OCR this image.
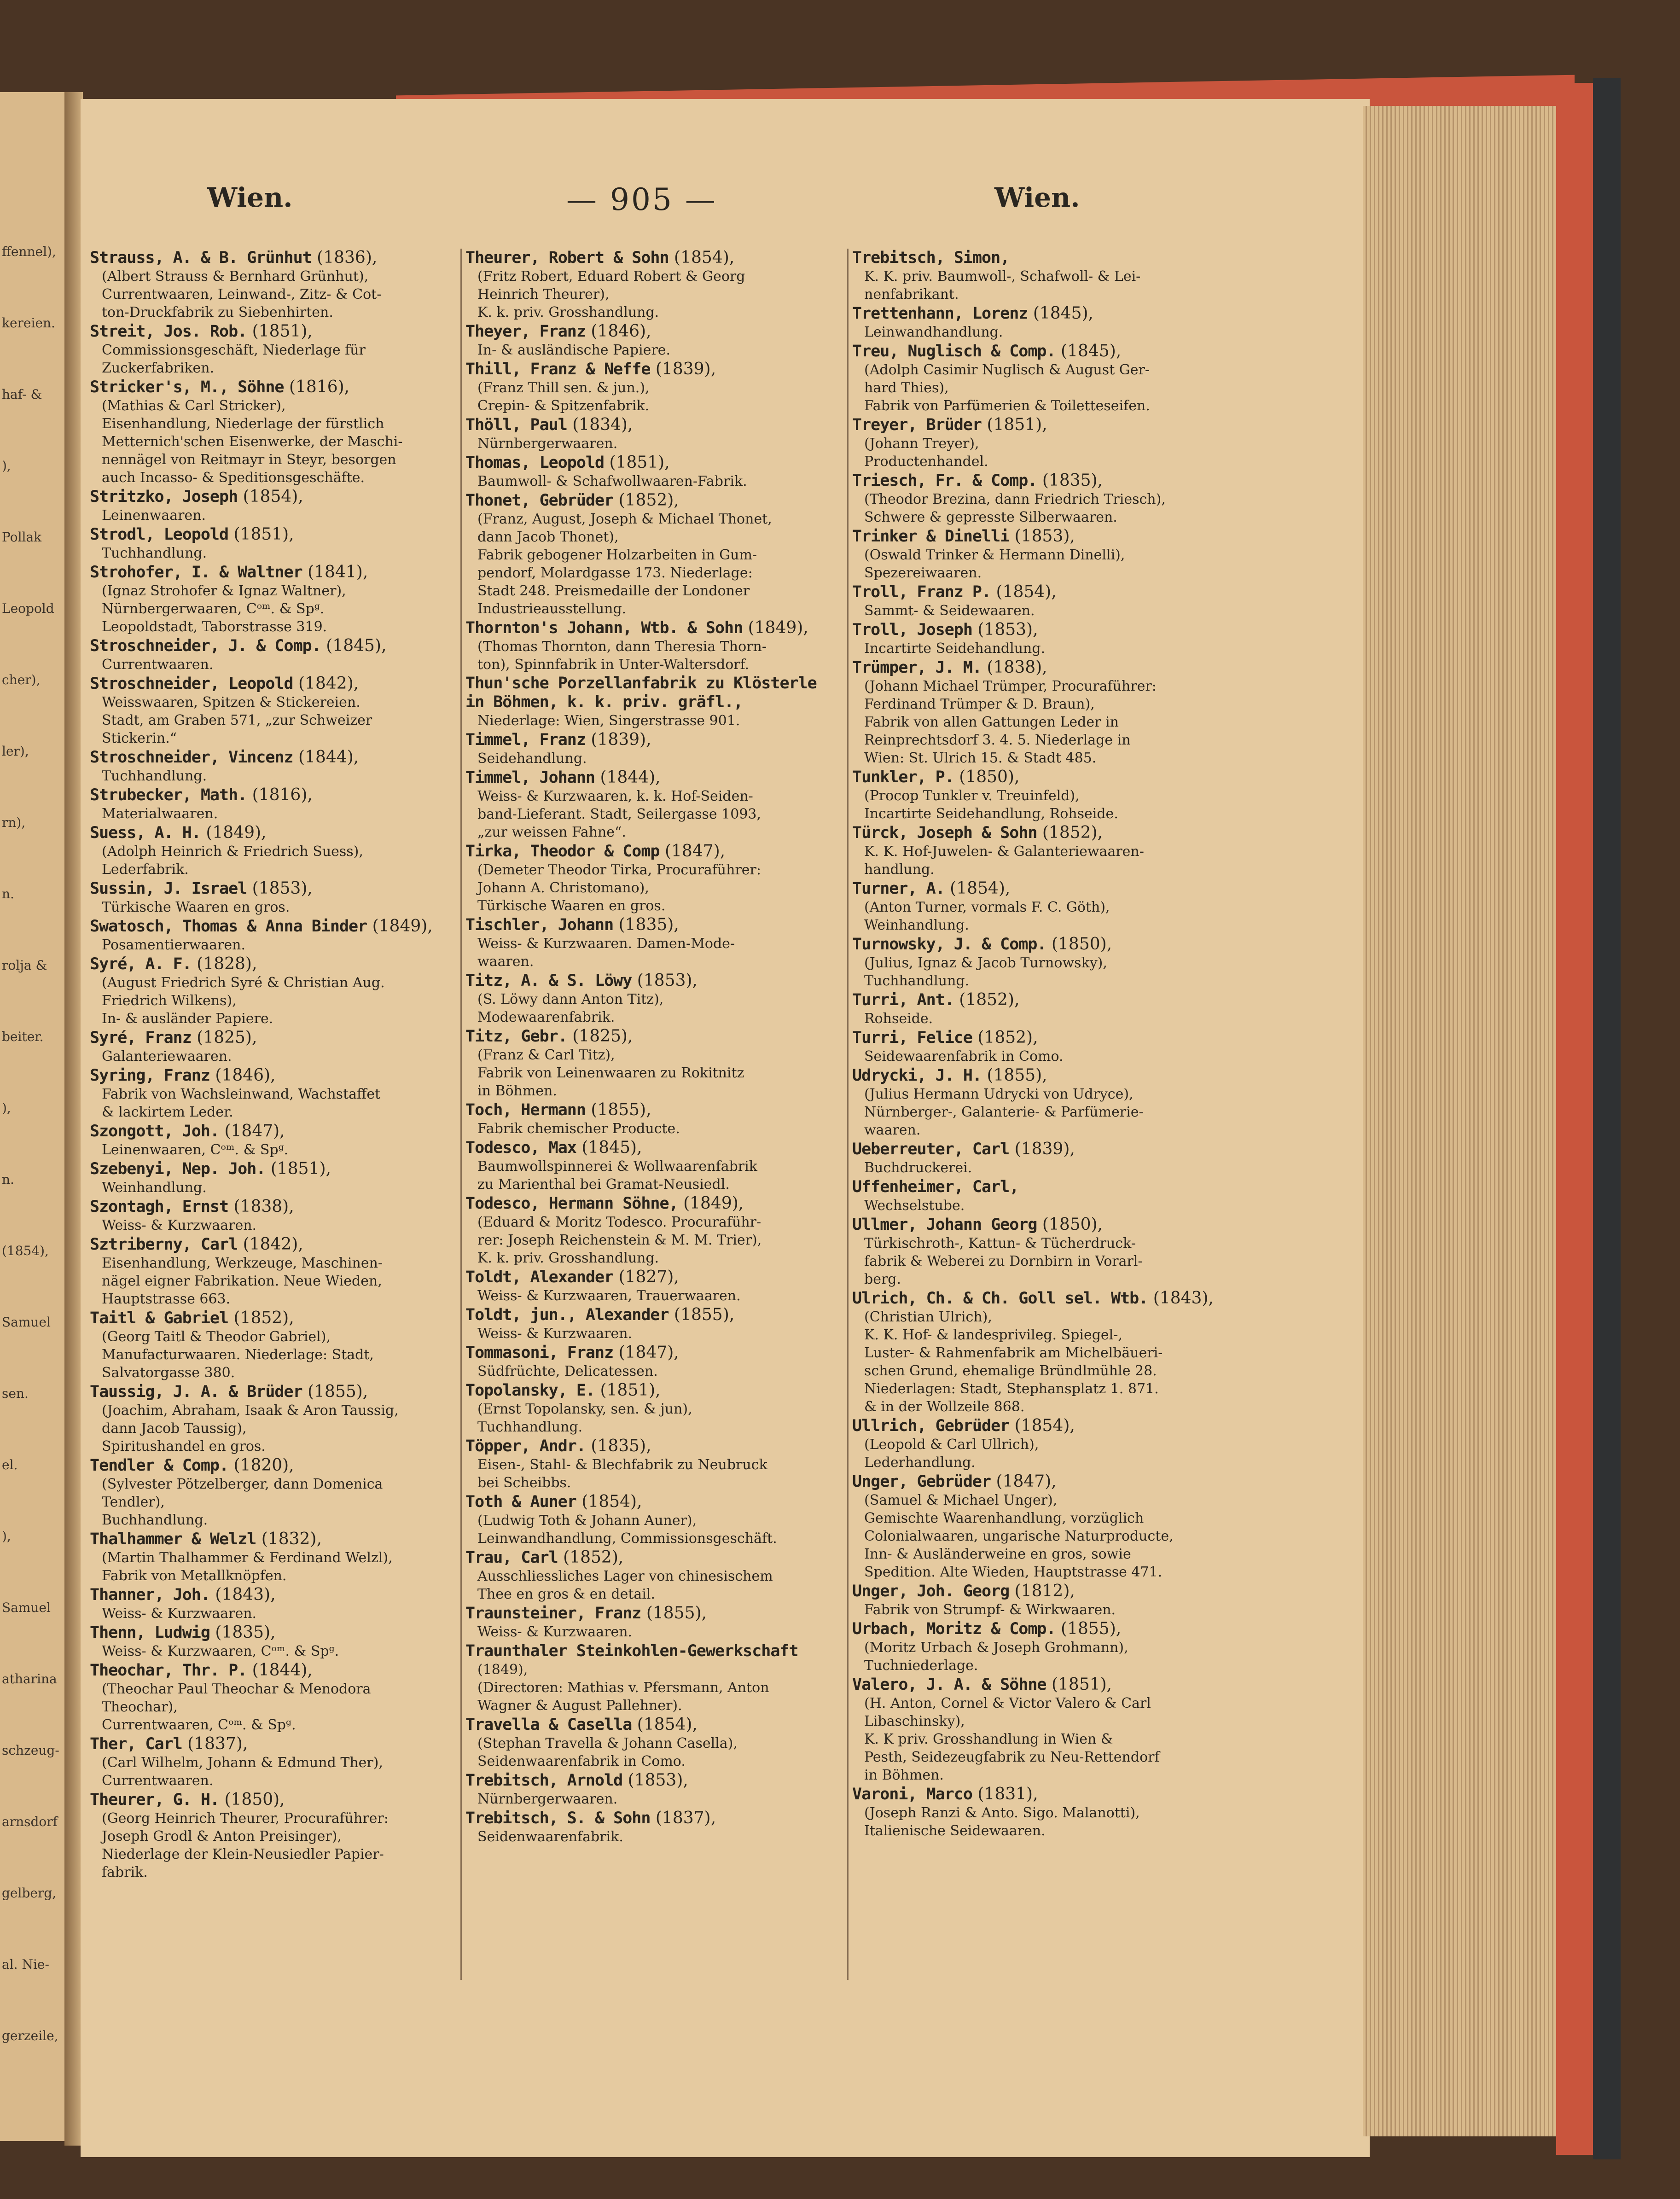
ffennel),
kereien.
haf- &
),
Pollak
Leopold
cher),
ler),
rn),
n.
rolja &
beiter.
),
n.
(1854),
Samuel
sen.
el.
),
Samuel
atharina
schzeug-
arnsdorf
gelberg,
al. Nie-
gerzeile,
Wien.	— 905 —	Wien.
Strauss, A. & B. Grünhut (1836),
(Albert Strauss & Bernhard Grünhut),
Currentwaaren, Leinwand-, Zitz- & Cot-
ton-Druckfabrik zu Siebenhirten.
Streit, Jos. Rob. (1851),
Commissionsgeschäft, Niederlage für
Zuckerfabriken.
Stricker's, M., Söhne (1816),
(Mathias & Carl Stricker),
Eisenhandlung, Niederlage der fürstlich
Metternich'schen Eisenwerke, der Maschi-
nennägel von Reitmayr in Steyr, besorgen
auch Incasso- & Speditionsgeschäfte.
Stritzko, Joseph (1854),
Leinenwaaren.
Strodl, Leopold (1851),
Tuchhandlung.
Strohofer, I. & Waltner (1841),
(Ignaz Strohofer & Ignaz Waltner),
Nürnbergerwaaren, Cᵒᵐ. & Spᵍ.
Leopoldstadt, Taborstrasse 319.
Stroschneider, J. & Comp. (1845),
Currentwaaren.
Stroschneider, Leopold (1842),
Weisswaaren, Spitzen & Stickereien.
Stadt, am Graben 571, „zur Schweizer
Stickerin.“
Stroschneider, Vincenz (1844),
Tuchhandlung.
Strubecker, Math. (1816),
Materialwaaren.
Suess, A. H. (1849),
(Adolph Heinrich & Friedrich Suess),
Lederfabrik.
Sussin, J. Israel (1853),
Türkische Waaren en gros.
Swatosch, Thomas & Anna Binder (1849),
Posamentierwaaren.
Syré, A. F. (1828),
(August Friedrich Syré & Christian Aug.
Friedrich Wilkens),
In- & ausländer Papiere.
Syré, Franz (1825),
Galanteriewaaren.
Syring, Franz (1846),
Fabrik von Wachsleinwand, Wachstaffet
& lackirtem Leder.
Szongott, Joh. (1847),
Leinenwaaren, Cᵒᵐ. & Spᵍ.
Szebenyi, Nep. Joh. (1851),
Weinhandlung.
Szontagh, Ernst (1838),
Weiss- & Kurzwaaren.
Sztriberny, Carl (1842),
Eisenhandlung, Werkzeuge, Maschinen-
nägel eigner Fabrikation. Neue Wieden,
Hauptstrasse 663.
Taitl & Gabriel (1852),
(Georg Taitl & Theodor Gabriel),
Manufacturwaaren. Niederlage: Stadt,
Salvatorgasse 380.
Taussig, J. A. & Brüder (1855),
(Joachim, Abraham, Isaak & Aron Taussig,
dann Jacob Taussig),
Spiritushandel en gros.
Tendler & Comp. (1820),
(Sylvester Pötzelberger, dann Domenica
Tendler),
Buchhandlung.
Thalhammer & Welzl (1832),
(Martin Thalhammer & Ferdinand Welzl),
Fabrik von Metallknöpfen.
Thanner, Joh. (1843),
Weiss- & Kurzwaaren.
Thenn, Ludwig (1835),
Weiss- & Kurzwaaren, Cᵒᵐ. & Spᵍ.
Theochar, Thr. P. (1844),
(Theochar Paul Theochar & Menodora
Theochar),
Currentwaaren, Cᵒᵐ. & Spᵍ.
Ther, Carl (1837),
(Carl Wilhelm, Johann & Edmund Ther),
Currentwaaren.
Theurer, G. H. (1850),
(Georg Heinrich Theurer, Procuraführer:
Joseph Grodl & Anton Preisinger),
Niederlage der Klein-Neusiedler Papier-
fabrik.
Theurer, Robert & Sohn (1854),
(Fritz Robert, Eduard Robert & Georg
Heinrich Theurer),
K. k. priv. Grosshandlung.
Theyer, Franz (1846),
In- & ausländische Papiere.
Thill, Franz & Neffe (1839),
(Franz Thill sen. & jun.),
Crepin- & Spitzenfabrik.
Thöll, Paul (1834),
Nürnbergerwaaren.
Thomas, Leopold (1851),
Baumwoll- & Schafwollwaaren-Fabrik.
Thonet, Gebrüder (1852),
(Franz, August, Joseph & Michael Thonet,
dann Jacob Thonet),
Fabrik gebogener Holzarbeiten in Gum-
pendorf, Molardgasse 173. Niederlage:
Stadt 248. Preismedaille der Londoner
Industrieausstellung.
Thornton's Johann, Wtb. & Sohn (1849),
(Thomas Thornton, dann Theresia Thorn-
ton), Spinnfabrik in Unter-Waltersdorf.
Thun'sche Porzellanfabrik zu Klösterle in Böhmen, k. k. priv. gräfl.,
Niederlage: Wien, Singerstrasse 901.
Timmel, Franz (1839),
Seidehandlung.
Timmel, Johann (1844),
Weiss- & Kurzwaaren, k. k. Hof-Seiden-
band-Lieferant. Stadt, Seilergasse 1093,
„zur weissen Fahne“.
Tirka, Theodor & Comp (1847),
(Demeter Theodor Tirka, Procuraführer:
Johann A. Christomano),
Türkische Waaren en gros.
Tischler, Johann (1835),
Weiss- & Kurzwaaren. Damen-Mode-
waaren.
Titz, A. & S. Löwy (1853),
(S. Löwy dann Anton Titz),
Modewaarenfabrik.
Titz, Gebr. (1825),
(Franz & Carl Titz),
Fabrik von Leinenwaaren zu Rokitnitz
in Böhmen.
Toch, Hermann (1855),
Fabrik chemischer Producte.
Todesco, Max (1845),
Baumwollspinnerei & Wollwaarenfabrik
zu Marienthal bei Gramat-Neusiedl.
Todesco, Hermann Söhne, (1849),
(Eduard & Moritz Todesco. Procuraführ-
rer: Joseph Reichenstein & M. M. Trier),
K. k. priv. Grosshandlung.
Toldt, Alexander (1827),
Weiss- & Kurzwaaren, Trauerwaaren.
Toldt, jun., Alexander (1855),
Weiss- & Kurzwaaren.
Tommasoni, Franz (1847),
Südfrüchte, Delicatessen.
Topolansky, E. (1851),
(Ernst Topolansky, sen. & jun),
Tuchhandlung.
Töpper, Andr. (1835),
Eisen-, Stahl- & Blechfabrik zu Neubruck
bei Scheibbs.
Toth & Auner (1854),
(Ludwig Toth & Johann Auner),
Leinwandhandlung, Commissionsgeschäft.
Trau, Carl (1852),
Ausschliessliches Lager von chinesischem
Thee en gros & en detail.
Traunsteiner, Franz (1855),
Weiss- & Kurzwaaren.
Traunthaler Steinkohlen-Gewerkschaft
(1849),
(Directoren: Mathias v. Pfersmann, Anton
Wagner & August Pallehner).
Travella & Casella (1854),
(Stephan Travella & Johann Casella),
Seidenwaarenfabrik in Como.
Trebitsch, Arnold (1853),
Nürnbergerwaaren.
Trebitsch, S. & Sohn (1837),
Seidenwaarenfabrik.
Trebitsch, Simon,
K. K. priv. Baumwoll-, Schafwoll- & Lei-
nenfabrikant.
Trettenhann, Lorenz (1845),
Leinwandhandlung.
Treu, Nuglisch & Comp. (1845),
(Adolph Casimir Nuglisch & August Ger-
hard Thies),
Fabrik von Parfümerien & Toiletteseifen.
Treyer, Brüder (1851),
(Johann Treyer),
Productenhandel.
Triesch, Fr. & Comp. (1835),
(Theodor Brezina, dann Friedrich Triesch),
Schwere & gepresste Silberwaaren.
Trinker & Dinelli (1853),
(Oswald Trinker & Hermann Dinelli),
Spezereiwaaren.
Troll, Franz P. (1854),
Sammt- & Seidewaaren.
Troll, Joseph (1853),
Incartirte Seidehandlung.
Trümper, J. M. (1838),
(Johann Michael Trümper, Procuraführer:
Ferdinand Trümper & D. Braun),
Fabrik von allen Gattungen Leder in
Reinprechtsdorf 3. 4. 5. Niederlage in
Wien: St. Ulrich 15. & Stadt 485.
Tunkler, P. (1850),
(Procop Tunkler v. Treuinfeld),
Incartirte Seidehandlung, Rohseide.
Türck, Joseph & Sohn (1852),
K. K. Hof-Juwelen- & Galanteriewaaren-
handlung.
Turner, A. (1854),
(Anton Turner, vormals F. C. Göth),
Weinhandlung.
Turnowsky, J. & Comp. (1850),
(Julius, Ignaz & Jacob Turnowsky),
Tuchhandlung.
Turri, Ant. (1852),
Rohseide.
Turri, Felice (1852),
Seidewaarenfabrik in Como.
Udrycki, J. H. (1855),
(Julius Hermann Udrycki von Udryce),
Nürnberger-, Galanterie- & Parfümerie-
waaren.
Ueberreuter, Carl (1839),
Buchdruckerei.
Uffenheimer, Carl,
Wechselstube.
Ullmer, Johann Georg (1850),
Türkischroth-, Kattun- & Tücherdruck-
fabrik & Weberei zu Dornbirn in Vorarl-
berg.
Ulrich, Ch. & Ch. Goll sel. Wtb. (1843),
(Christian Ulrich),
K. K. Hof- & landesprivileg. Spiegel-,
Luster- & Rahmenfabrik am Michelbäueri-
schen Grund, ehemalige Bründlmühle 28.
Niederlagen: Stadt, Stephansplatz 1. 871.
& in der Wollzeile 868.
Ullrich, Gebrüder (1854),
(Leopold & Carl Ullrich),
Lederhandlung.
Unger, Gebrüder (1847),
(Samuel & Michael Unger),
Gemischte Waarenhandlung, vorzüglich
Colonialwaaren, ungarische Naturproducte,
Inn- & Ausländerweine en gros, sowie
Spedition. Alte Wieden, Hauptstrasse 471.
Unger, Joh. Georg (1812),
Fabrik von Strumpf- & Wirkwaaren.
Urbach, Moritz & Comp. (1855),
(Moritz Urbach & Joseph Grohmann),
Tuchniederlage.
Valero, J. A. & Söhne (1851),
(H. Anton, Cornel & Victor Valero & Carl
Libaschinsky),
K. K priv. Grosshandlung in Wien &
Pesth, Seidezeugfabrik zu Neu-Rettendorf
in Böhmen.
Varoni, Marco (1831),
(Joseph Ranzi & Anto. Sigo. Malanotti),
Italienische Seidewaaren.
